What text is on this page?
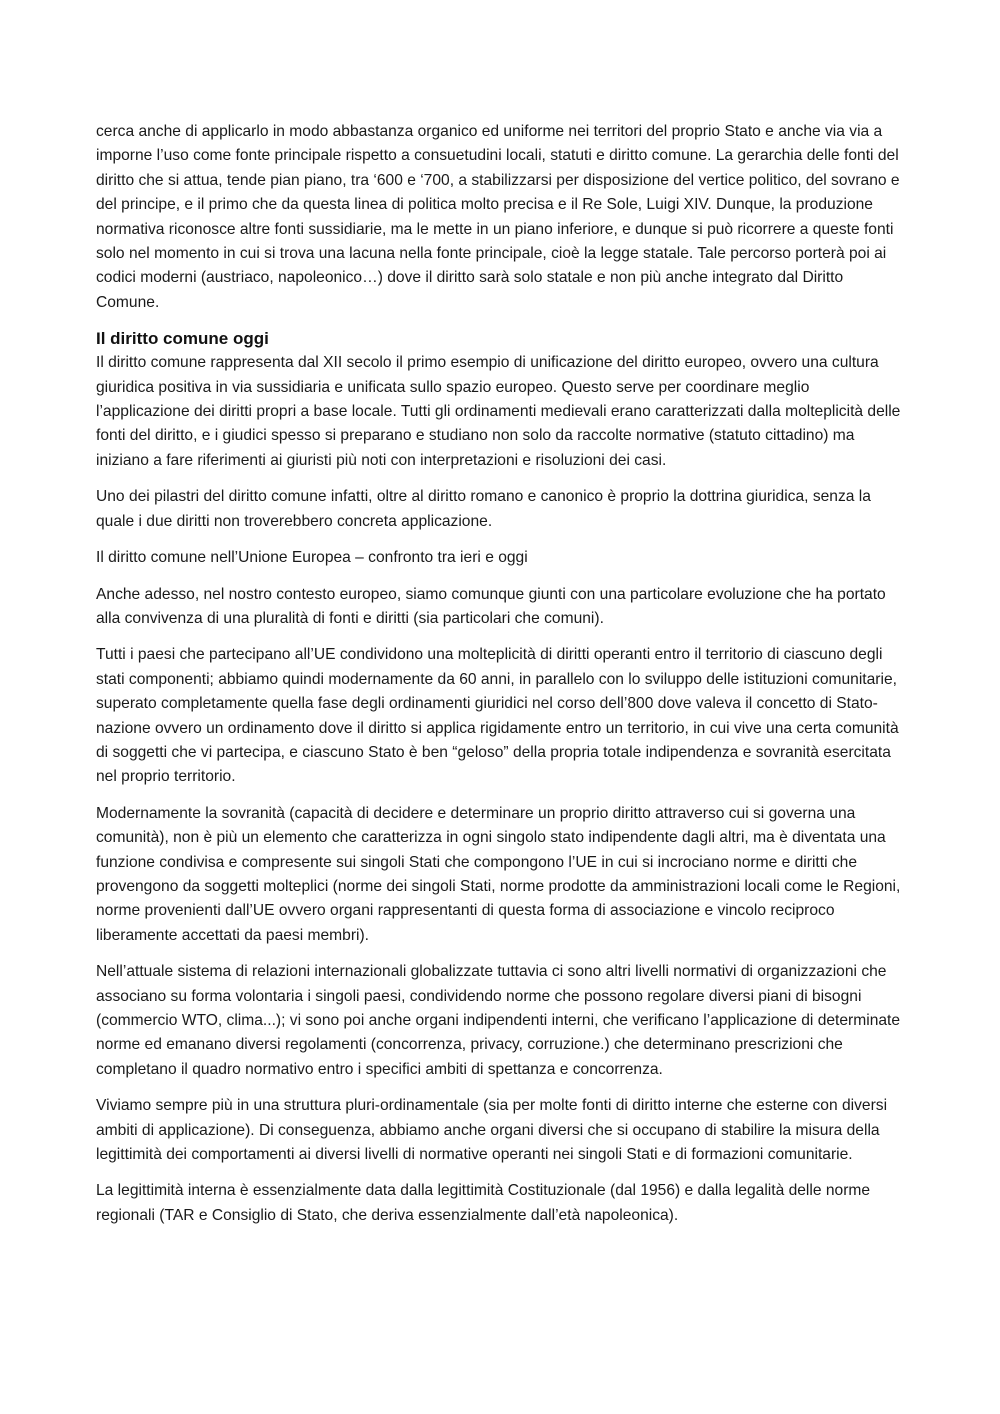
cerca anche di applicarlo in modo abbastanza organico ed uniforme nei territori del proprio Stato e anche via via a imporne l’uso come fonte principale rispetto a consuetudini locali, statuti e diritto comune. La gerarchia delle fonti del diritto che si attua, tende pian piano, tra ‘600 e ‘700, a stabilizzarsi per disposizione del vertice politico, del sovrano e del principe, e il primo che da questa linea di politica molto precisa e il Re Sole, Luigi XIV. Dunque, la produzione normativa riconosce altre fonti sussidiarie, ma le mette in un piano inferiore, e dunque si può ricorrere a queste fonti solo nel momento in cui si trova una lacuna nella fonte principale, cioè la legge statale. Tale percorso porterà poi ai codici moderni (austriaco, napoleonico…) dove il diritto sarà solo statale e non più anche integrato dal Diritto Comune.

Il diritto comune oggi

Il diritto comune rappresenta dal XII secolo il primo esempio di unificazione del diritto europeo, ovvero una cultura giuridica positiva in via sussidiaria e unificata sullo spazio europeo. Questo serve per coordinare meglio l’applicazione dei diritti propri a base locale. Tutti gli ordinamenti medievali erano caratterizzati dalla molteplicità delle fonti del diritto, e i giudici spesso si preparano e studiano non solo da raccolte normative (statuto cittadino) ma iniziano a fare riferimenti ai giuristi più noti con interpretazioni e risoluzioni dei casi.

Uno dei pilastri del diritto comune infatti, oltre al diritto romano e canonico è proprio la dottrina giuridica, senza la quale i due diritti non troverebbero concreta applicazione.

Il diritto comune nell’Unione Europea – confronto tra ieri e oggi

Anche adesso, nel nostro contesto europeo, siamo comunque giunti con una particolare evoluzione che ha portato alla convivenza di una pluralità di fonti e diritti (sia particolari che comuni).

Tutti i paesi che partecipano all’UE condividono una molteplicità di diritti operanti entro il territorio di ciascuno degli stati componenti; abbiamo quindi modernamente da 60 anni, in parallelo con lo sviluppo delle istituzioni comunitarie, superato completamente quella fase degli ordinamenti giuridici nel corso dell’800 dove valeva il concetto di Stato-nazione ovvero un ordinamento dove il diritto si applica rigidamente entro un territorio, in cui vive una certa comunità di soggetti che vi partecipa, e ciascuno Stato è ben “geloso” della propria totale indipendenza e sovranità esercitata nel proprio territorio.

Modernamente la sovranità (capacità di decidere e determinare un proprio diritto attraverso cui si governa una comunità), non è più un elemento che caratterizza in ogni singolo stato indipendente dagli altri, ma è diventata una funzione condivisa e compresente sui singoli Stati che compongono l’UE in cui si incrociano norme e diritti che provengono da soggetti molteplici (norme dei singoli Stati, norme prodotte da amministrazioni locali come le Regioni, norme provenienti dall’UE ovvero organi rappresentanti di questa forma di associazione e vincolo reciproco liberamente accettati da paesi membri).

Nell’attuale sistema di relazioni internazionali globalizzate tuttavia ci sono altri livelli normativi di organizzazioni che associano su forma volontaria i singoli paesi, condividendo norme che possono regolare diversi piani di bisogni (commercio WTO, clima...); vi sono poi anche organi indipendenti interni, che verificano l’applicazione di determinate norme ed emanano diversi regolamenti (concorrenza, privacy, corruzione.) che determinano prescrizioni che completano il quadro normativo entro i specifici ambiti di spettanza e concorrenza.

Viviamo sempre più in una struttura pluri-ordinamentale (sia per molte fonti di diritto interne che esterne con diversi ambiti di applicazione). Di conseguenza, abbiamo anche organi diversi che si occupano di stabilire la misura della legittimità dei comportamenti ai diversi livelli di normative operanti nei singoli Stati e di formazioni comunitarie.

La legittimità interna è essenzialmente data dalla legittimità Costituzionale (dal 1956) e dalla legalità delle norme regionali (TAR e Consiglio di Stato, che deriva essenzialmente dall’età napoleonica).
